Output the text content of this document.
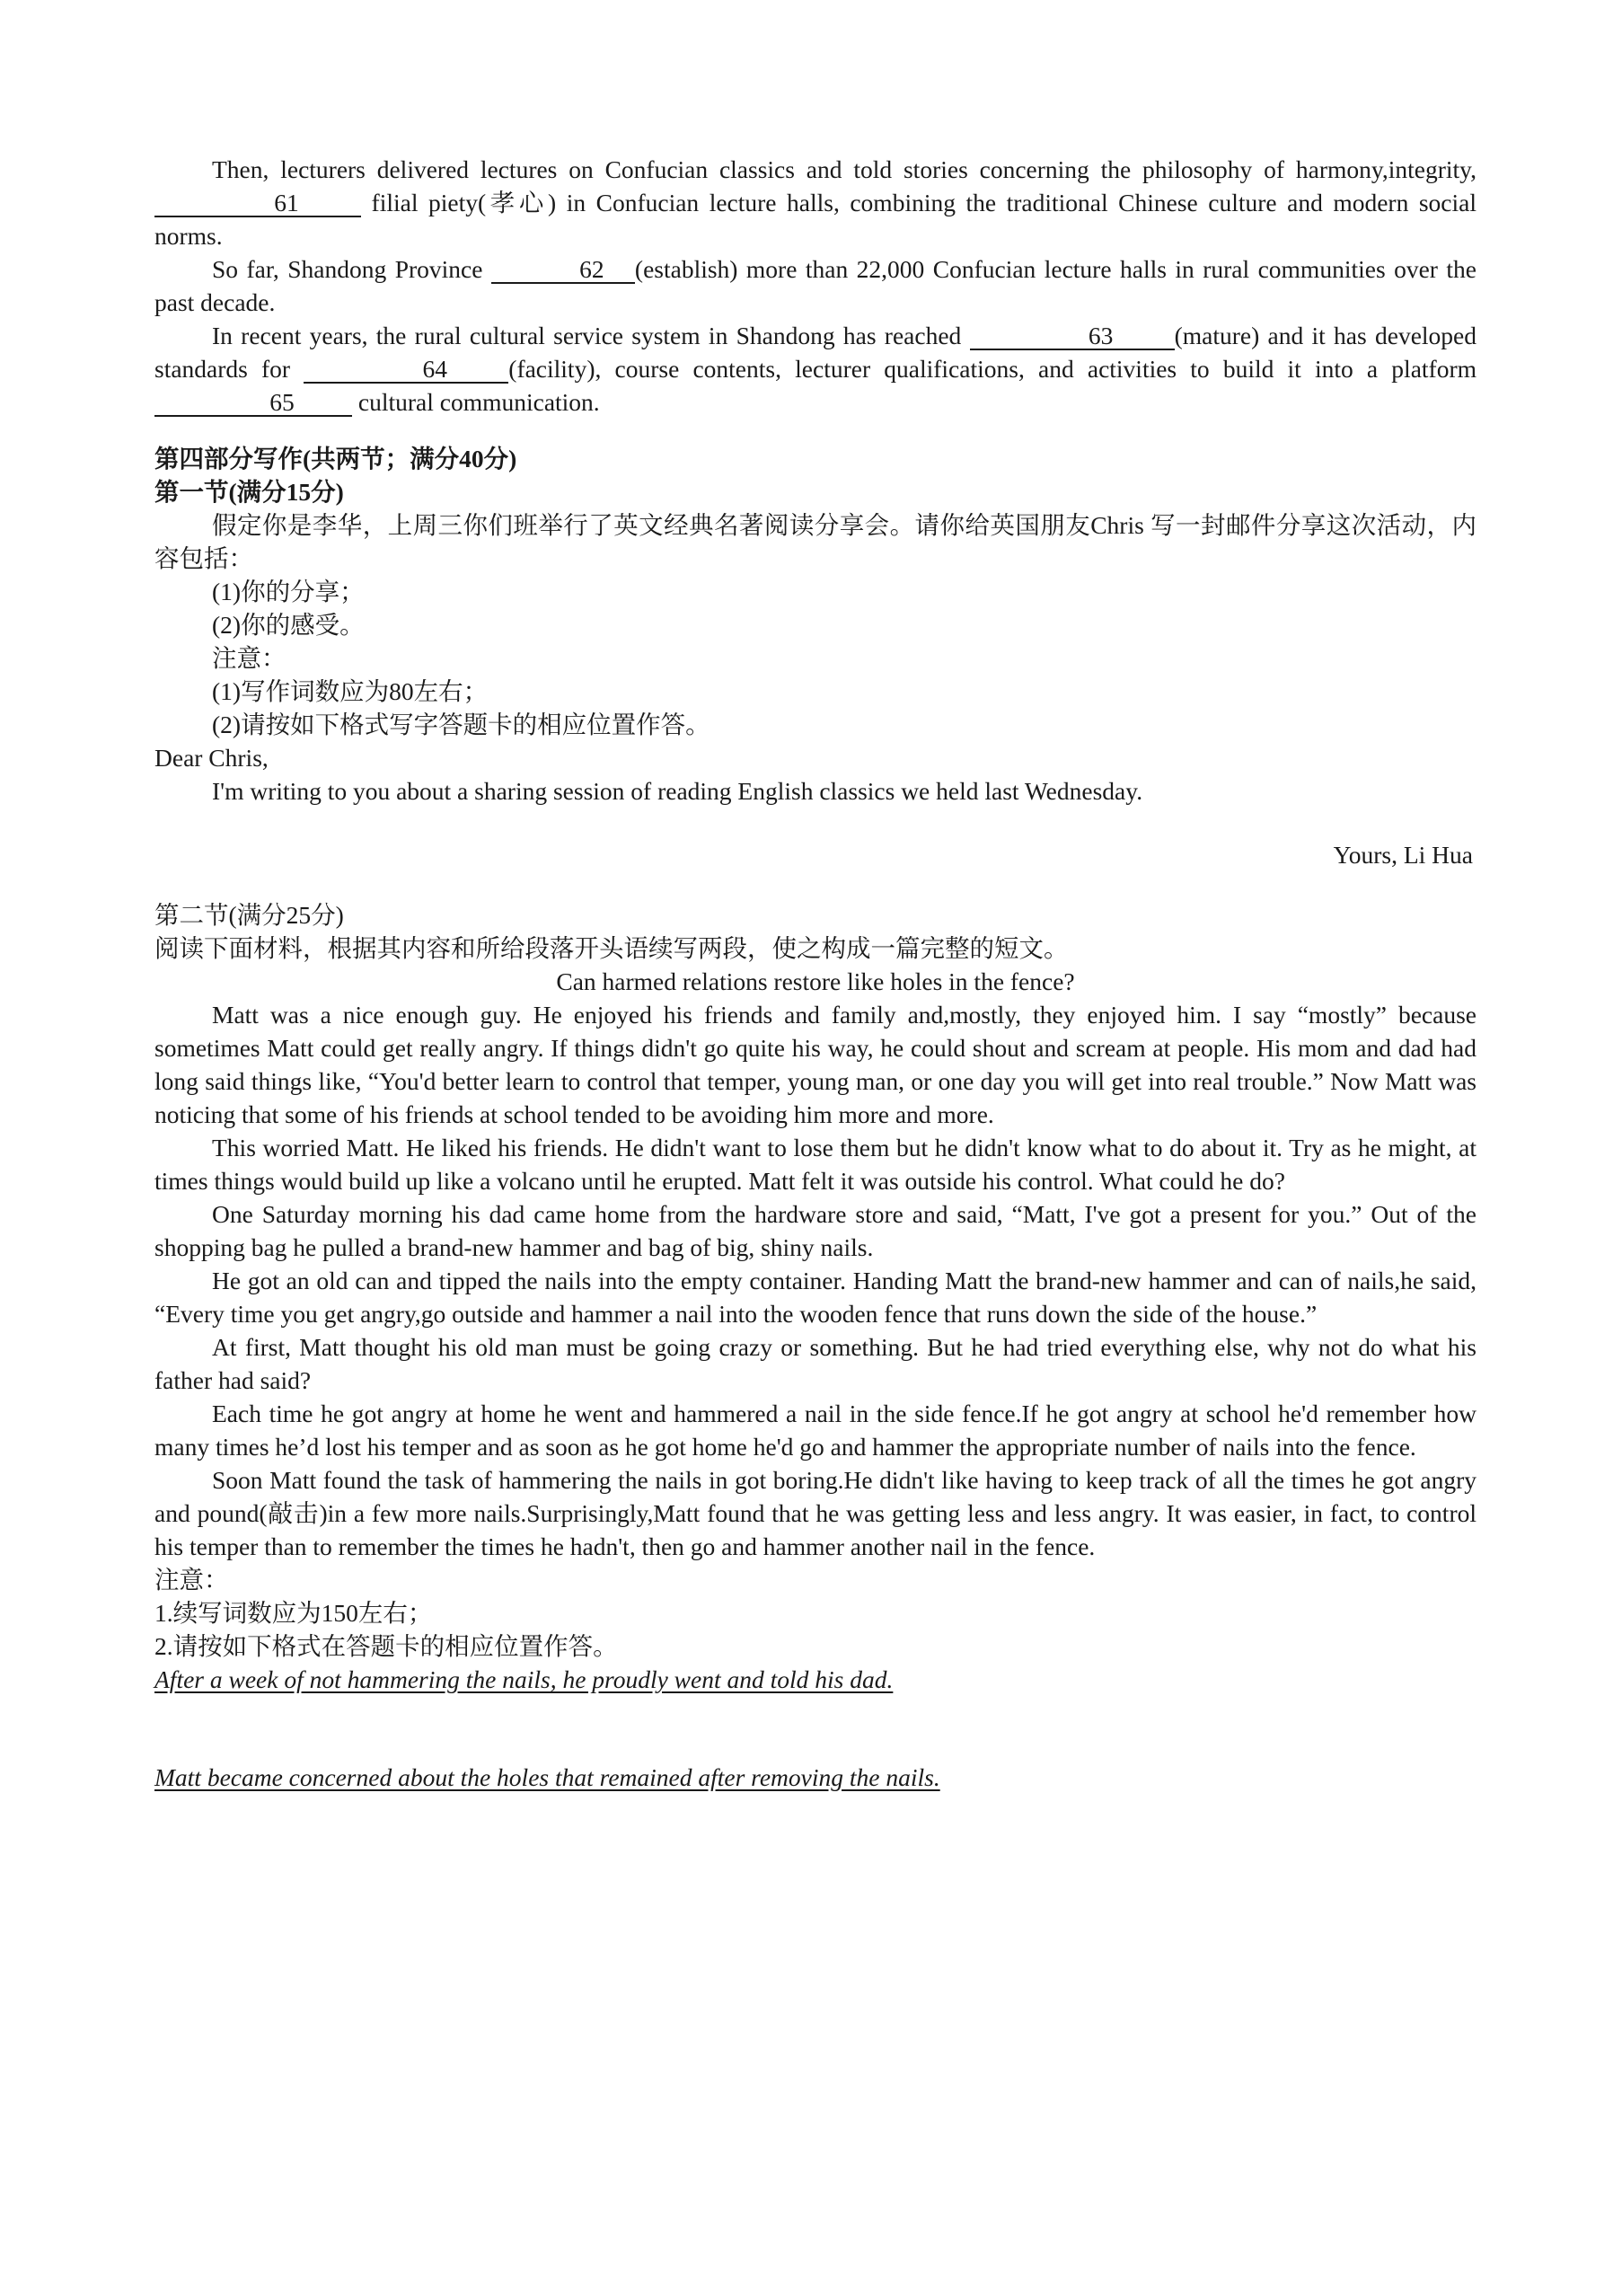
Then, lecturers delivered lectures on Confucian classics and told stories concerning the philosophy of harmony,integrity, 61	filial piety(孝心) in Confucian lecture halls, combining the traditional Chinese culture and modern social norms.

So far, Shandong Province	62 (establish) more than 22,000 Confucian lecture halls in rural communities over the past decade.

In recent years, the rural cultural service system in Shandong has reached	63 (mature) and it has developed standards for	64 (facility), course contents, lecturer qualifications, and activities to build it into a platform 65	cultural communication.

第四部分写作(共两节；满分40分)

第一节(满分15分)

假定你是李华，上周三你们班举行了英文经典名著阅读分享会。请你给英国朋友Chris 写一封邮件分享这次活动，内容包括：

(1)你的分享；

(2)你的感受。

注意：

(1)写作词数应为80左右；

(2)请按如下格式写字答题卡的相应位置作答。

Dear Chris,

I'm writing to you about a sharing session of reading English classics we held last Wednesday.

Yours, Li Hua

第二节(满分25分)

阅读下面材料，根据其内容和所给段落开头语续写两段，使之构成一篇完整的短文。

Can harmed relations restore like holes in the fence?

Matt was a nice enough guy. He enjoyed his friends and family and,mostly, they enjoyed him. I say “mostly” because sometimes Matt could get really angry. If things didn't go quite his way, he could shout and scream at people. His mom and dad had long said things like, “You'd better learn to control that temper, young man, or one day you will get into real trouble.” Now Matt was noticing that some of his friends at school tended to be avoiding him more and more.

This worried Matt. He liked his friends. He didn't want to lose them but he didn't know what to do about it. Try as he might, at times things would build up like a volcano until he erupted. Matt felt it was outside his control. What could he do?

One Saturday morning his dad came home from the hardware store and said, “Matt, I've got a present for you.” Out of the shopping bag he pulled a brand-new hammer and bag of big, shiny nails.

He got an old can and tipped the nails into the empty container. Handing Matt the brand-new hammer and can of nails,he said, “Every time you get angry,go outside and hammer a nail into the wooden fence that runs down the side of the house.”

At first, Matt thought his old man must be going crazy or something. But he had tried everything else, why not do what his father had said?

Each time he got angry at home he went and hammered a nail in the side fence.If he got angry at school he'd remember how many times he’d lost his temper and as soon as he got home he'd go and hammer the appropriate number of nails into the fence.

Soon Matt found the task of hammering the nails in got boring.He didn't like having to keep track of all the times he got angry and pound(敲击)in a few more nails.Surprisingly,Matt found that he was getting less and less angry. It was easier, in fact, to control his temper than to remember the times he hadn't, then go and hammer another nail in the fence.

注意：

1.续写词数应为150左右；

2.请按如下格式在答题卡的相应位置作答。

After a week of not hammering the nails, he proudly went and told his dad.

Matt became concerned about the holes that remained after removing the nails.
